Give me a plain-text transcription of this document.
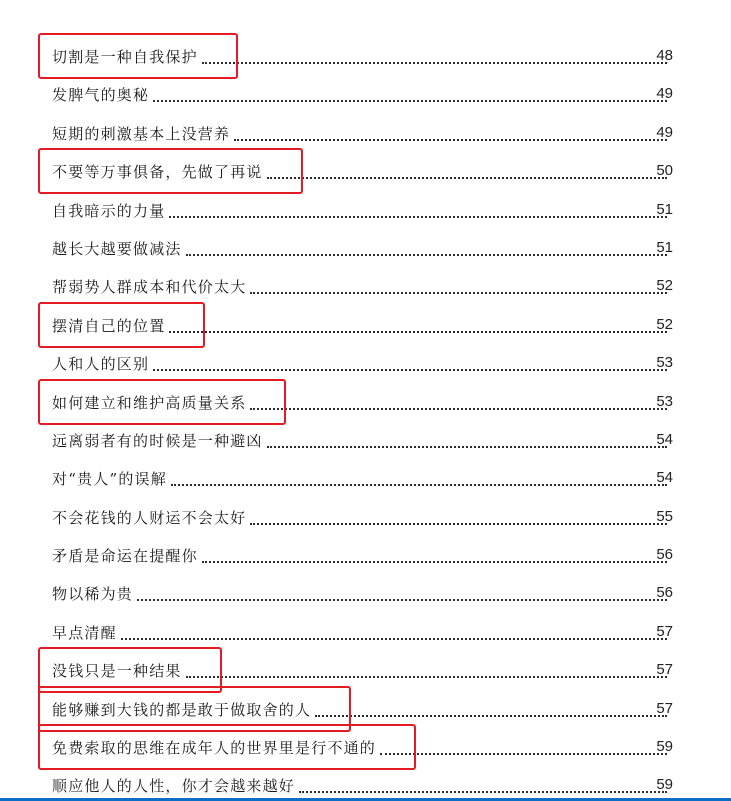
切割是一种自我保护	48
发脾气的奥秘	49
短期的刺激基本上没营养	49
不要等万事俱备，先做了再说	50
自我暗示的力量	51
越长大越要做减法	51
帮弱势人群成本和代价太大	52
摆清自己的位置	52
人和人的区别	53
如何建立和维护高质量关系	53
远离弱者有的时候是一种避凶	54
对“贵人”的误解	54
不会花钱的人财运不会太好	55
矛盾是命运在提醒你	56
物以稀为贵	56
早点清醒	57
没钱只是一种结果	57
能够赚到大钱的都是敢于做取舍的人	57
免费索取的思维在成年人的世界里是行不通的	59
顺应他人的人性，你才会越来越好	59
